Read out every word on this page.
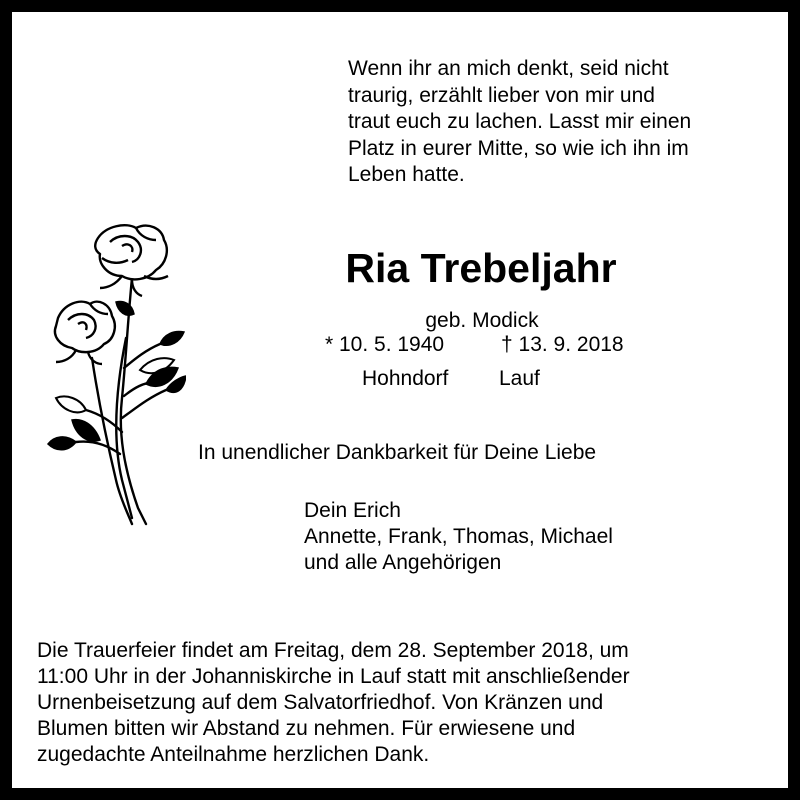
Wenn ihr an mich denkt, seid nicht
traurig, erzählt lieber von mir und
traut euch zu lachen. Lasst mir einen
Platz in eurer Mitte, so wie ich ihn im
Leben hatte.
Ria Trebeljahr
geb. Modick
* 10. 5. 1940	† 13. 9. 2018
Hohndorf Lauf
In unendlicher Dankbarkeit für Deine Liebe
Dein Erich
Annette, Frank, Thomas, Michael
und alle Angehörigen
Die Trauerfeier findet am Freitag, dem 28. September 2018, um
11:00 Uhr in der Johanniskirche in Lauf statt mit anschließender
Urnenbeisetzung auf dem Salvatorfriedhof. Von Kränzen und
Blumen bitten wir Abstand zu nehmen. Für erwiesene und
zugedachte Anteilnahme herzlichen Dank.
